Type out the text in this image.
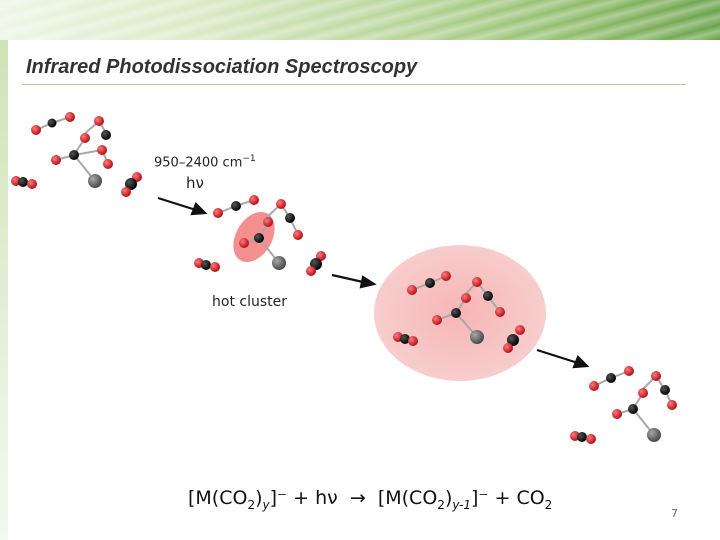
Infrared Photodissociation Spectroscopy
950–2400 $cm^{-1}$
hν
hot cluster
$[M(CO_2)_y]^- + h\nu \to [M(CO_2)_{y-1}]^- + CO_2$
7
